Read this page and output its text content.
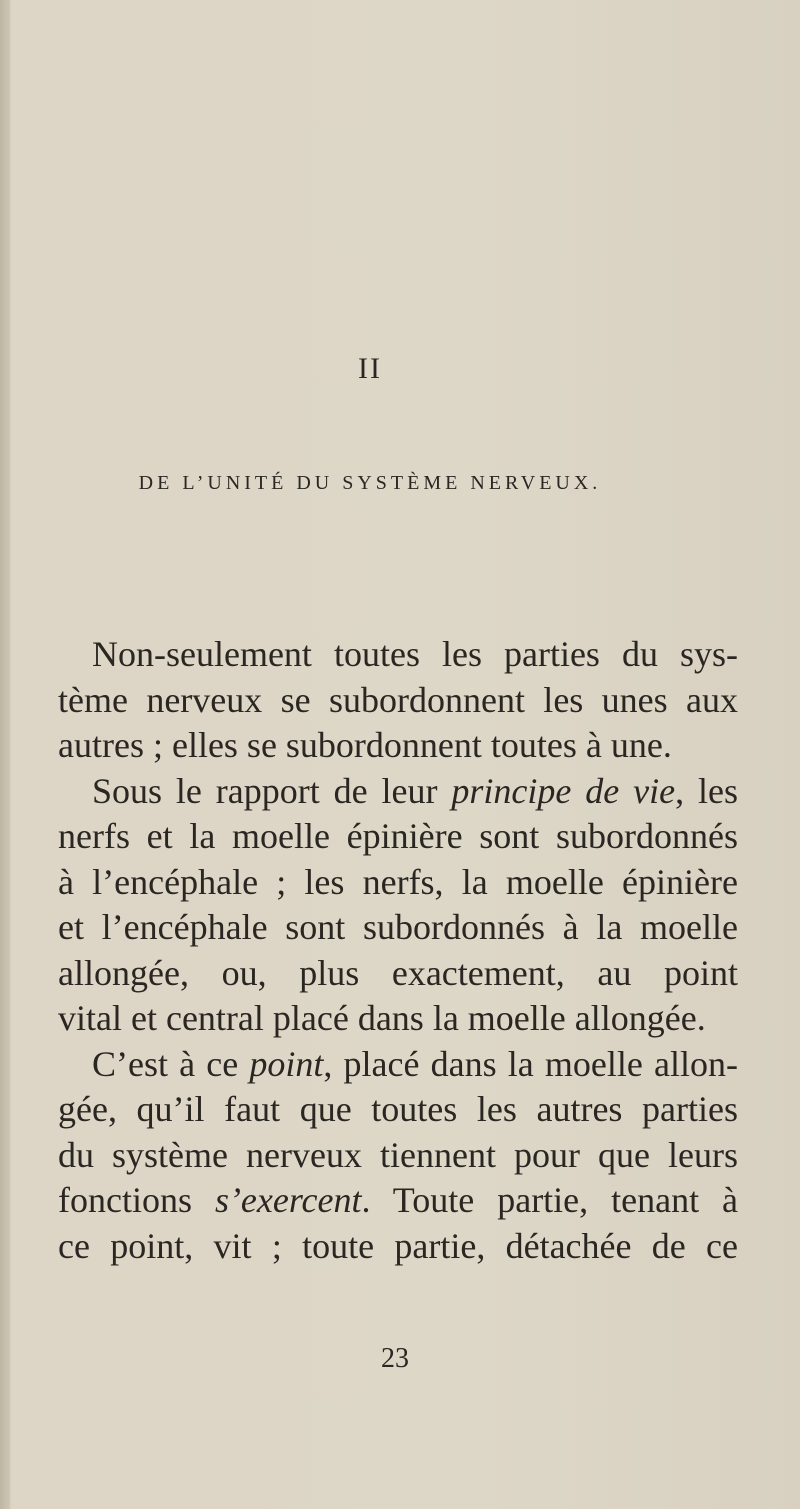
II
DE L’UNITÉ DU SYSTÈME NERVEUX.
Non-seulement toutes les parties du sys-
tème nerveux se subordonnent les unes aux
autres ; elles se subordonnent toutes à une.
Sous le rapport de leur principe de vie, les
nerfs et la moelle épinière sont subordonnés
à l’encéphale ; les nerfs, la moelle épinière
et l’encéphale sont subordonnés à la moelle
allongée, ou, plus exactement, au point
vital et central placé dans la moelle allongée.
C’est à ce point, placé dans la moelle allon-
gée, qu’il faut que toutes les autres parties
du système nerveux tiennent pour que leurs
fonctions s’exercent. Toute partie, tenant à
ce point, vit ; toute partie, détachée de ce
23
